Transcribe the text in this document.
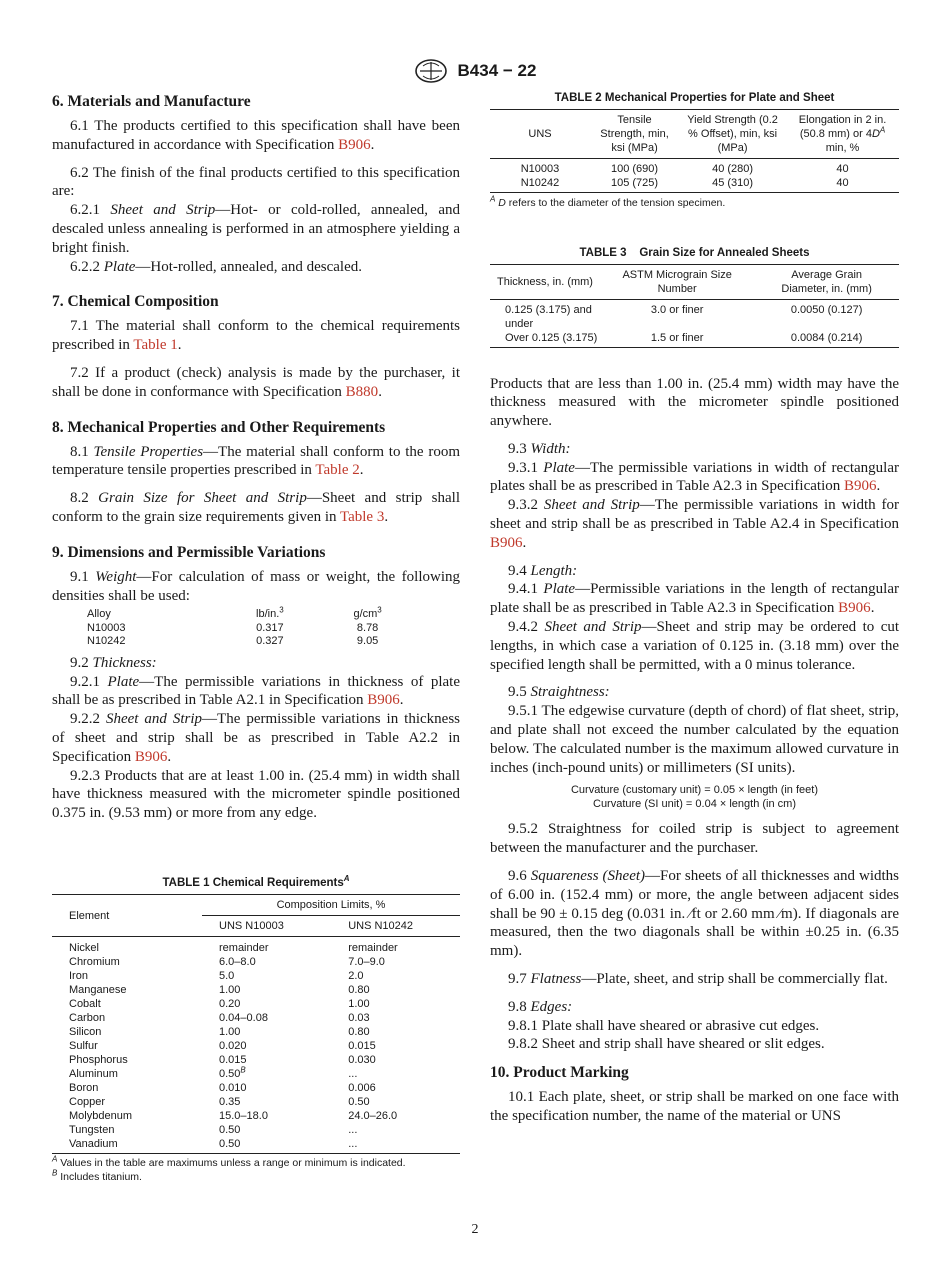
B434 − 22
6. Materials and Manufacture

6.1 The products certified to this specification shall have been manufactured in accordance with Specification B906.

6.2 The finish of the final products certified to this specification are:

6.2.1 Sheet and Strip—Hot- or cold-rolled, annealed, and descaled unless annealing is performed in an atmosphere yielding a bright finish.

6.2.2 Plate—Hot-rolled, annealed, and descaled.

7. Chemical Composition

7.1 The material shall conform to the chemical requirements prescribed in Table 1.

7.2 If a product (check) analysis is made by the purchaser, it shall be done in conformance with Specification B880.

8. Mechanical Properties and Other Requirements

8.1 Tensile Properties—The material shall conform to the room temperature tensile properties prescribed in Table 2.

8.2 Grain Size for Sheet and Strip—Sheet and strip shall conform to the grain size requirements given in Table 3.

9. Dimensions and Permissible Variations

9.1 Weight—For calculation of mass or weight, the following densities shall be used:

Alloy	lb/in.$^3$	$g/cm^3$
N10003	0.317	8.78
N10242	0.327	9.05

9.2 Thickness:

9.2.1 Plate—The permissible variations in thickness of plate shall be as prescribed in Table A2.1 in Specification B906.

9.2.2 Sheet and Strip—The permissible variations in thickness of sheet and strip shall be as prescribed in Table A2.2 in Specification B906.

9.2.3 Products that are at least 1.00 in. (25.4 mm) in width shall have thickness measured with the micrometer spindle positioned 0.375 in. (9.53 mm) or more from any edge.

TABLE 1 Chemical Requirements$^A$
Element	Composition Limits, %	
	UNS N10003	UNS N10242
Nickel	remainder	remainder
Chromium	6.0–8.0	7.0–9.0
Iron	5.0	2.0
Manganese	1.00	0.80
Cobalt	0.20	1.00
Carbon	0.04–0.08	0.03
Silicon	1.00	0.80
Sulfur	0.020	0.015
Phosphorus	0.015	0.030
Aluminum	$0.50^B$	...
Boron	0.010	0.006
Copper	0.35	0.50
Molybdenum	15.0–18.0	24.0–26.0
Tungsten	0.50	...
Vanadium	0.50	...
$^A$ Values in the table are maximums unless a range or minimum is indicated.
$^B$ Includes titanium.
TABLE 2 Mechanical Properties for Plate and Sheet
UNS	Tensile Strength, min, ksi (MPa)	Yield Strength (0.2 % Offset), min, ksi (MPa)	Elongation in 2 in. (50.8 mm) or $4D^A$ min, %
N10003	100 (690)	40 (280)	40
N10242	105 (725)	45 (310)	40
$^A$ D refers to the diameter of the tension specimen.
TABLE 3    Grain Size for Annealed Sheets
Thickness, in. (mm)	ASTM Micrograin Size Number	Average Grain Diameter, in. (mm)
0.125 (3.175) and under	3.0 or finer	0.0050 (0.127)
Over 0.125 (3.175)	1.5 or finer	0.0084 (0.214)

Products that are less than 1.00 in. (25.4 mm) width may have the thickness measured with the micrometer spindle positioned anywhere.

9.3 Width:

9.3.1 Plate—The permissible variations in width of rectangular plates shall be as prescribed in Table A2.3 in Specification B906.

9.3.2 Sheet and Strip—The permissible variations in width for sheet and strip shall be as prescribed in Table A2.4 in Specification B906.

9.4 Length:

9.4.1 Plate—Permissible variations in the length of rectangular plate shall be as prescribed in Table A2.3 in Specification B906.

9.4.2 Sheet and Strip—Sheet and strip may be ordered to cut lengths, in which case a variation of 0.125 in. (3.18 mm) over the specified length shall be permitted, with a 0 minus tolerance.

9.5 Straightness:

9.5.1 The edgewise curvature (depth of chord) of flat sheet, strip, and plate shall not exceed the number calculated by the equation below. The calculated number is the maximum allowed curvature in inches (inch-pound units) or millimeters (SI units).

Curvature (customary unit) = 0.05 × length (in feet)
Curvature (SI unit) = 0.04 × length (in cm)

9.5.2 Straightness for coiled strip is subject to agreement between the manufacturer and the purchaser.

9.6 Squareness (Sheet)—For sheets of all thicknesses and widths of 6.00 in. (152.4 mm) or more, the angle between adjacent sides shall be 90 ± 0.15 deg (0.031 in. ⁄ft or 2.60 mm ⁄m). If diagonals are measured, then the two diagonals shall be within ±0.25 in. (6.35 mm).

9.7 Flatness—Plate, sheet, and strip shall be commercially flat.

9.8 Edges:

9.8.1 Plate shall have sheared or abrasive cut edges.

9.8.2 Sheet and strip shall have sheared or slit edges.

10. Product Marking

10.1 Each plate, sheet, or strip shall be marked on one face with the specification number, the name of the material or UNS

2
